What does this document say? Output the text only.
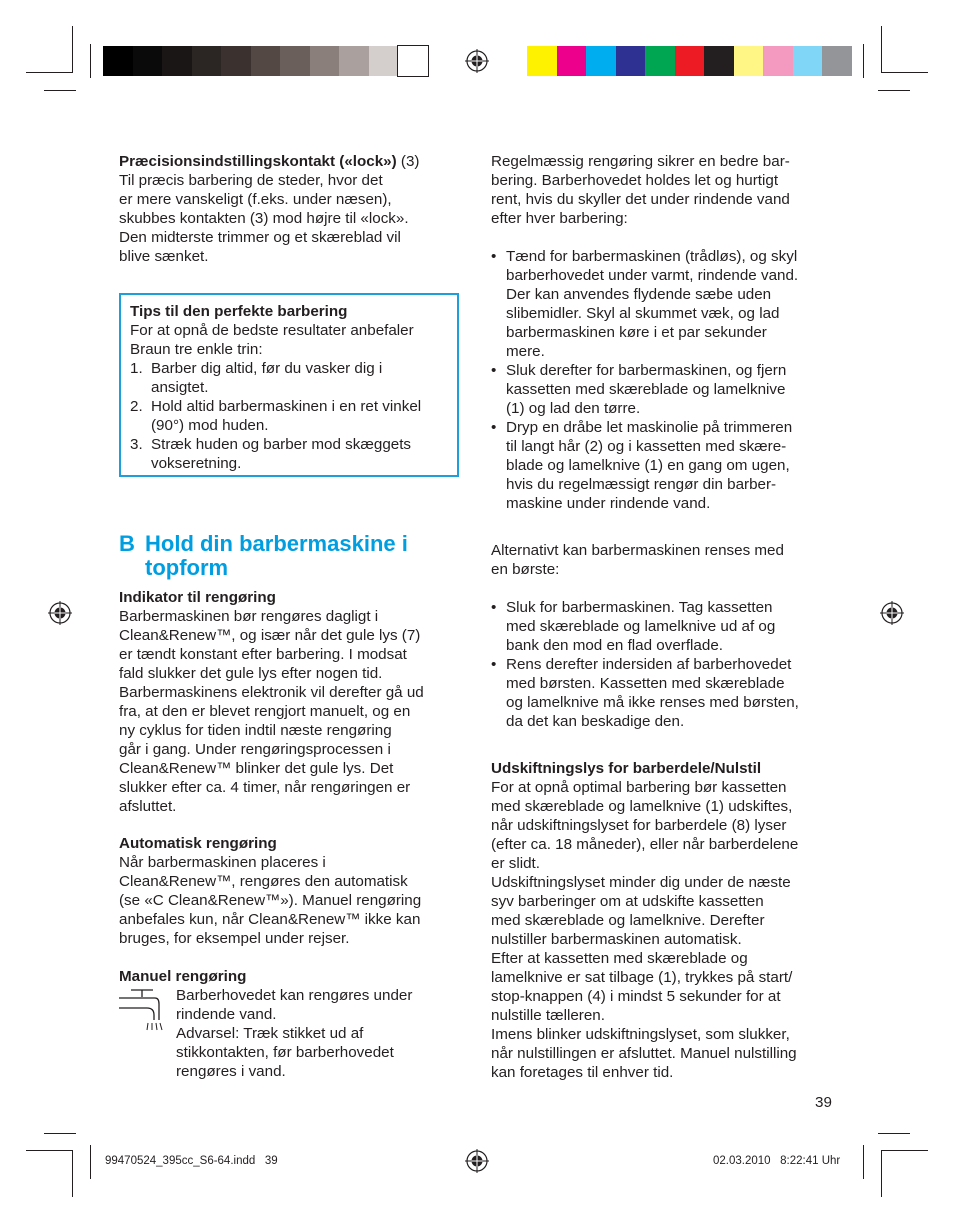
Præcisionsindstillingskontakt («lock») (3)

Til præcis barbering de steder, hvor det

er mere vanskeligt (f.eks. under næsen),

skubbes kontakten (3) mod højre til «lock».

Den midterste trimmer og et skæreblad vil

blive sænket.

Tips til den perfekte barbering

For at opnå de bedste resultater anbefaler

Braun tre enkle trin:

1. Barber dig altid, før du vasker dig i
ansigtet.
2. Hold altid barbermaskinen i en ret vinkel
(90°) mod huden.
3. Stræk huden og barber mod skæggets
vokseretning.
B Hold din barbermaskine i

topform

Indikator til rengøring

Barbermaskinen bør rengøres dagligt i

Clean&Renew™, og især når det gule lys (7)

er tændt konstant efter barbering. I modsat

fald slukker det gule lys efter nogen tid.

Barbermaskinens elektronik vil derefter gå ud

fra, at den er blevet rengjort manuelt, og en

ny cyklus for tiden indtil næste rengøring

går i gang. Under rengøringsprocessen i

Clean&Renew™ blinker det gule lys. Det

slukker efter ca. 4 timer, når rengøringen er

afsluttet.

Automatisk rengøring

Når barbermaskinen placeres i

Clean&Renew™, rengøres den automatisk

(se «C Clean&Renew™»). Manuel rengøring

anbefales kun, når Clean&Renew™ ikke kan

bruges, for eksempel under rejser.

Manuel rengøring

Barberhovedet kan rengøres under

rindende vand.

Advarsel: Træk stikket ud af

stikkontakten, før barberhovedet

rengøres i vand.

Regelmæssig rengøring sikrer en bedre bar-

bering. Barberhovedet holdes let og hurtigt

rent, hvis du skyller det under rindende vand

efter hver barbering:

• Tænd for barbermaskinen (trådløs), og skyl

barberhovedet under varmt, rindende vand.

Der kan anvendes flydende sæbe uden

slibemidler. Skyl al skummet væk, og lad

barbermaskinen køre i et par sekunder

mere.

• Sluk derefter for barbermaskinen, og fjern

kassetten med skæreblade og lamelknive

(1) og lad den tørre.

• Dryp en dråbe let maskinolie på trimmeren

til langt hår (2) og i kassetten med skære-

blade og lamelknive (1) en gang om ugen,

hvis du regelmæssigt rengør din barber-

maskine under rindende vand.

Alternativt kan barbermaskinen renses med

en børste:

• Sluk for barbermaskinen. Tag kassetten

med skæreblade og lamelknive ud af og

bank den mod en flad overflade.

• Rens derefter indersiden af barberhovedet

med børsten. Kassetten med skæreblade

og lamelknive må ikke renses med børsten,

da det kan beskadige den.

Udskiftningslys for barberdele/Nulstil

For at opnå optimal barbering bør kassetten

med skæreblade og lamelknive (1) udskiftes,

når udskiftningslyset for barberdele (8) lyser

(efter ca. 18 måneder), eller når barberdelene

er slidt.

Udskiftningslyset minder dig under de næste

syv barberinger om at udskifte kassetten

med skæreblade og lamelknive. Derefter

nulstiller barbermaskinen automatisk.

Efter at kassetten med skæreblade og

lamelknive er sat tilbage (1), trykkes på start/

stop-knappen (4) i mindst 5 sekunder for at

nulstille tælleren.

Imens blinker udskiftningslyset, som slukker,

når nulstillingen er afsluttet. Manuel nulstilling

kan foretages til enhver tid.

39

99470524_395cc_S6-64.indd   39	02.03.2010   8:22:41 Uhr
